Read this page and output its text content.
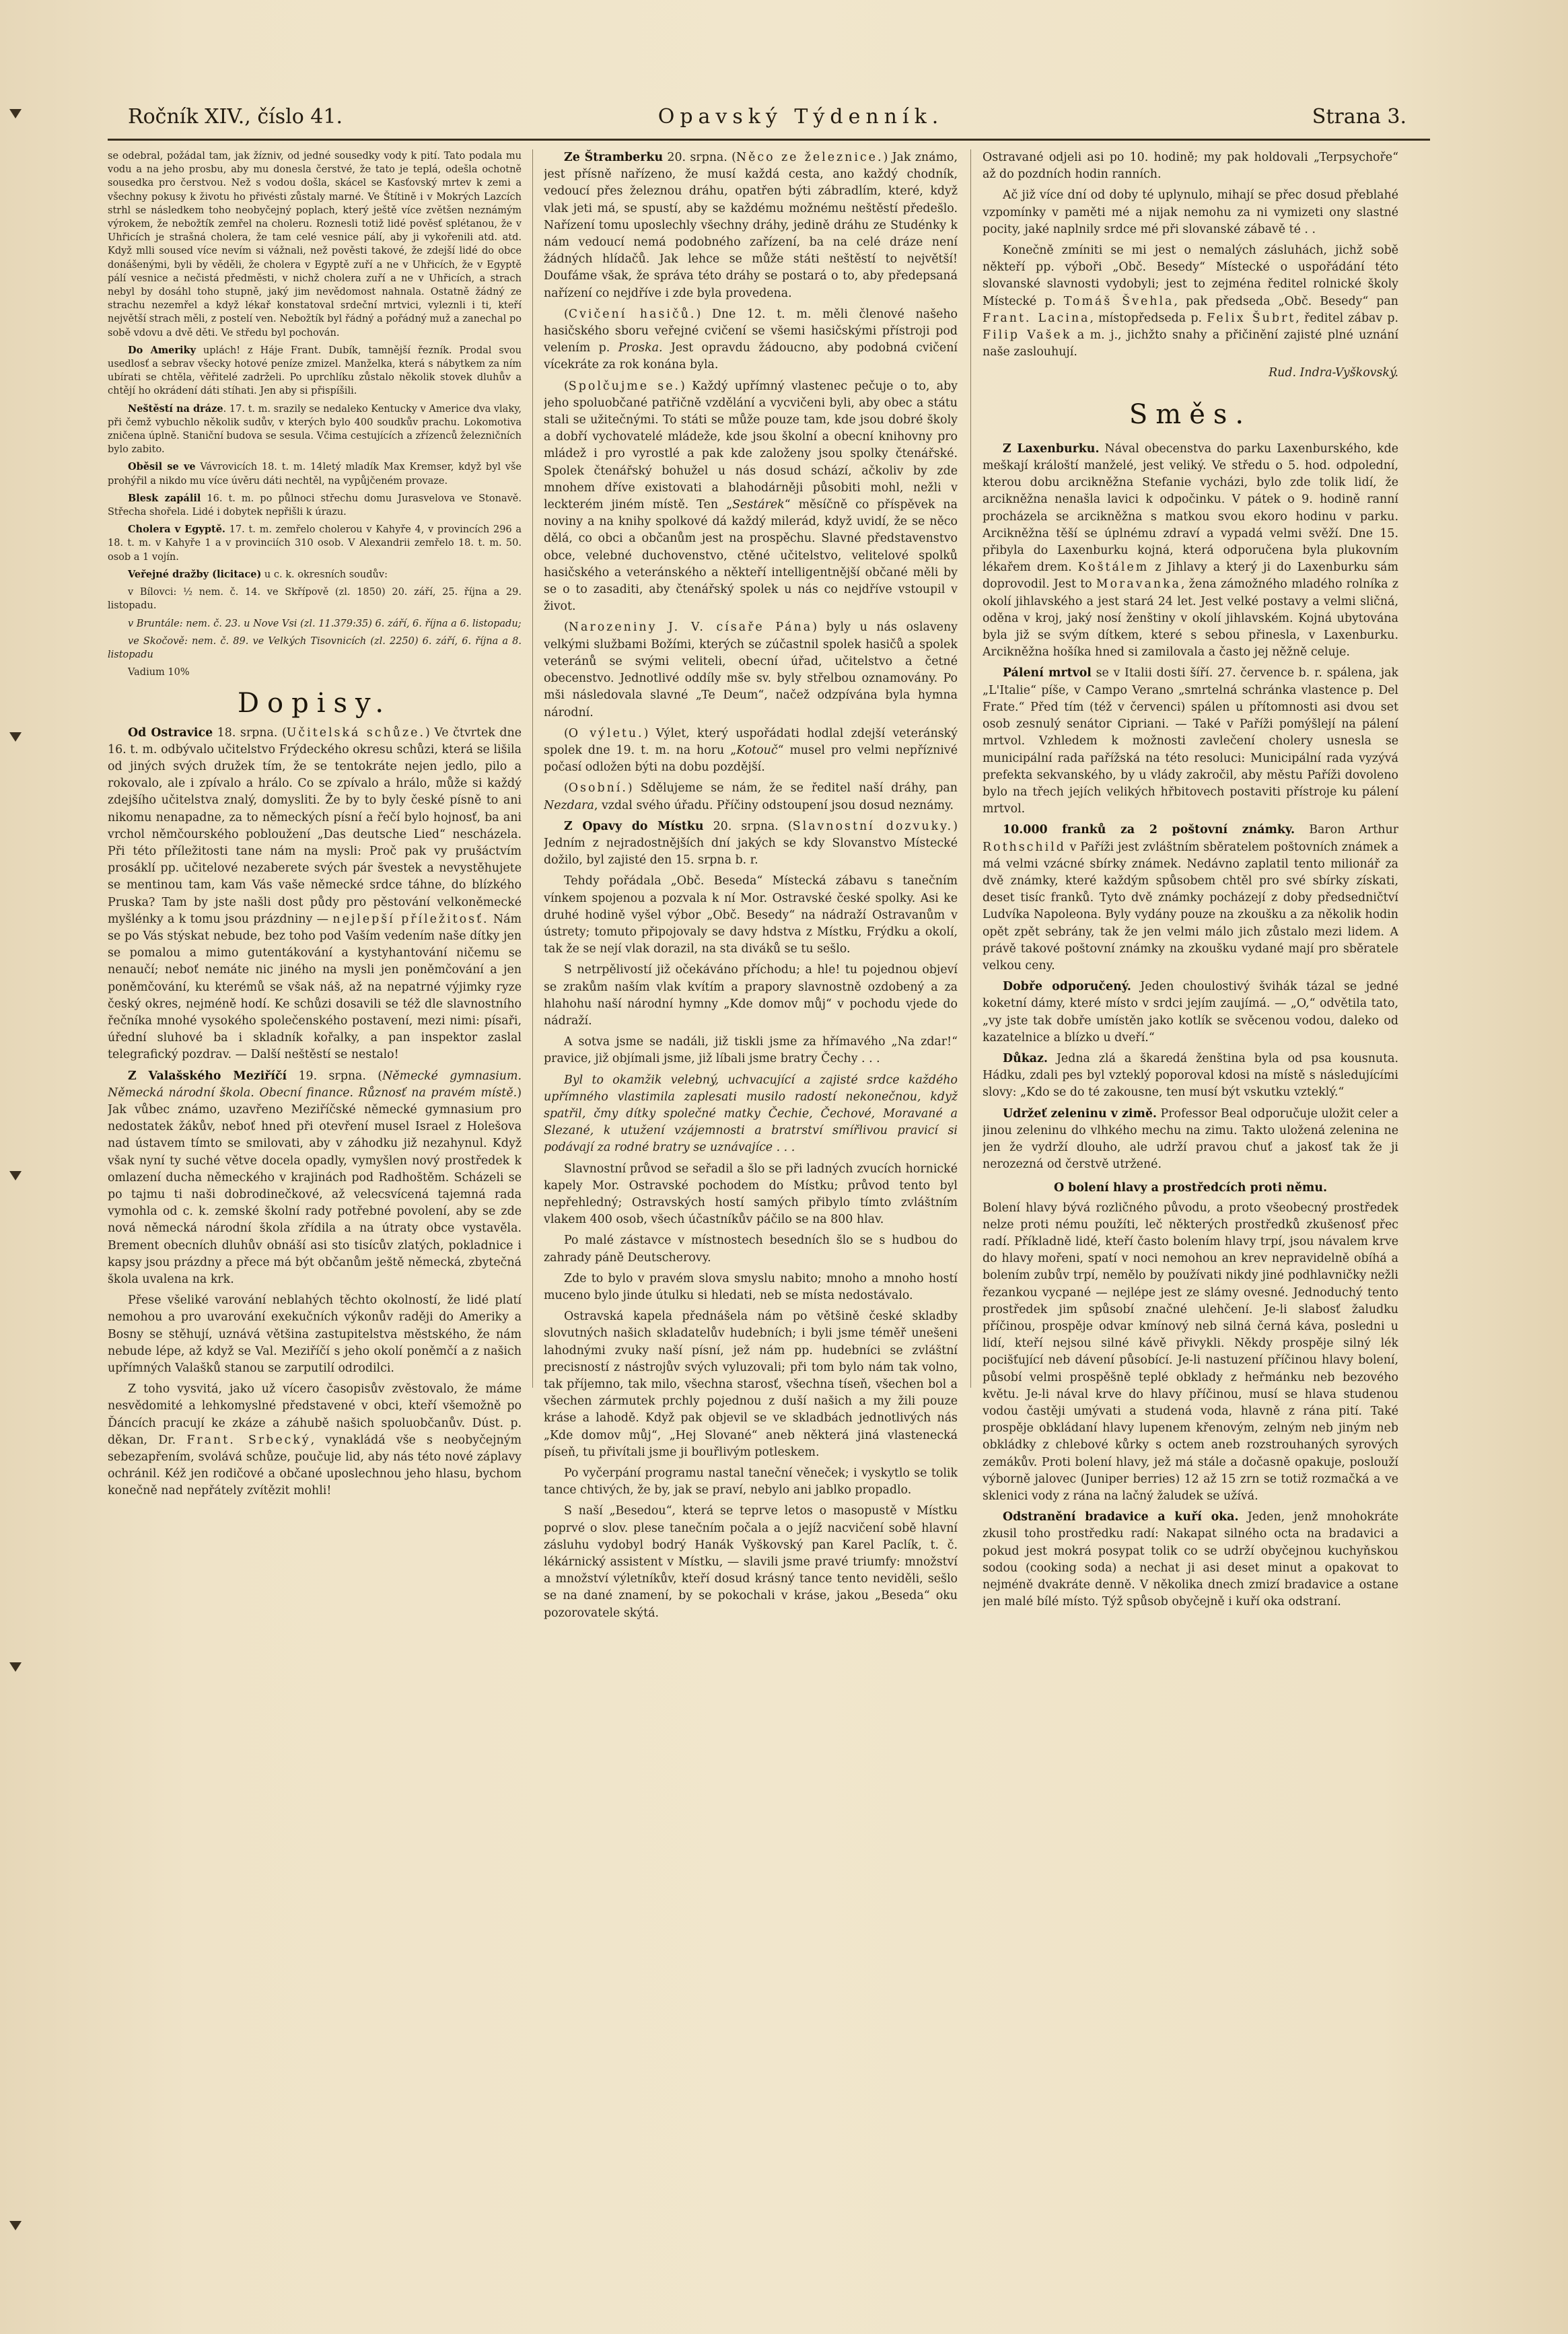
Ročník XIV., číslo 41.	Opavský Týdenník.	Strana 3.

se odebral, požádal tam, jak žízniv, od jedné sousedky vody k pití. Tato podala mu vodu a na jeho prosbu, aby mu donesla čerstvé, že tato je teplá, odešla ochotně sousedka pro čerstvou. Než s vodou došla, skácel se Kasťovský mrtev k zemi a všechny pokusy k životu ho přivésti zůstaly marné. Ve Štítině i v Mokrých Lazcích strhl se následkem toho neobyčejný poplach, který ještě více zvětšen neznámým výrokem, že nebožtík zemřel na choleru. Roznesli totiž lidé pověsť splétanou, že v Uhřicích je strašná cholera, že tam celé vesnice pálí, aby ji vykořenili atd. atd. Když mlli soused více nevím si vážnali, než pověsti takové, že zdejší lidé do obce donášenými, byli by věděli, že cholera v Egyptě zuří a ne v Uhřicích, že v Egyptě pálí vesnice a nečistá předměsti, v nichž cholera zuří a ne v Uhřicích, a strach nebyl by dosáhl toho stupně, jaký jim nevědomost nahnala. Ostatně žádný ze strachu nezemřel a když lékař konstatoval srdeční mrtvici, vyleznli i ti, kteří největší strach měli, z postelí ven. Nebožtík byl řádný a pořádný muž a zanechal po sobě vdovu a dvě děti. Ve středu byl pochován.

Do Ameriky uplách! z Háje Frant. Dubík, tamnější řezník. Prodal svou usedlosť a sebrav všecky hotové peníze zmizel. Manželka, která s nábytkem za ním ubírati se chtěla, věřitelé zadrželi. Po uprchlíku zůstalo několik stovek dluhův a chtějí ho okrádení dáti stíhati. Jen aby si přispíšili.

Neštěstí na dráze. 17. t. m. srazily se nedaleko Kentucky v Americe dva vlaky, při čemž vybuchlo několik sudův, v kterých bylo 400 soudkův prachu. Lokomotiva zničena úplně. Staniční budova se sesula. Včima cestujících a zřízenců železničních bylo zabito.

Oběsil se ve Vávrovicích 18. t. m. 14letý mladík Max Kremser, když byl vše prohýřil a nikdo mu více úvěru dáti nechtěl, na vypůjčeném provaze.

Blesk zapálil 16. t. m. po půlnoci střechu domu Jurasvelova ve Stonavě. Střecha shořela. Lidé i dobytek nepřišli k úrazu.

Cholera v Egyptě. 17. t. m. zemřelo cholerou v Kahyře 4, v provincích 296 a 18. t. m. v Kahyře 1 a v provinciích 310 osob. V Alexandrii zemřelo 18. t. m. 50. osob a 1 vojín.

Veřejné dražby (licitace) u c. k. okresních soudův:

v Bílovci: ½ nem. č. 14. ve Skřípově (zl. 1850) 20. září, 25. října a 29. listopadu.

v Bruntále: nem. č. 23. u Nove Vsi (zl. 11.379:35) 6. září, 6. října a 6. listopadu;

ve Skočově: nem. č. 89. ve Velkých Tisovnicích (zl. 2250) 6. září, 6. října a 8. listopadu

Vadium 10%

Dopisy.

Od Ostravice 18. srpna. (Učitelská schůze.) Ve čtvrtek dne 16. t. m. odbývalo učitelstvo Frýdeckého okresu schůzi, která se lišila od jiných svých družek tím, že se tentokráte nejen jedlo, pilo a rokovalo, ale i zpívalo a hrálo. Co se zpívalo a hrálo, může si každý zdejšího učitelstva znalý, domysliti. Že by to byly české písně to ani nikomu nenapadne, za to německých písní a řečí bylo hojnosť, ba ani vrchol němčourského pobloužení „Das deutsche Lied“ nescházela. Při této příležitosti tane nám na mysli: Proč pak vy prušáctvím prosáklí pp. učitelové nezaberete svých pár švestek a nevystěhujete se mentinou tam, kam Vás vaše německé srdce táhne, do blízkého Pruska? Tam by jste našli dost půdy pro pěstování velkoněmecké myšlénky a k tomu jsou prázdniny — nejlepší příležitosť. Nám se po Vás stýskat nebude, bez toho pod Vaším vedením naše dítky jen se pomalou a mimo gutentákování a kystyhantování ničemu se nenaučí; neboť nemáte nic jiného na mysli jen poněmčování a jen poněmčování, ku kterémů se však náš, až na nepatrné výjimky ryze český okres, nejméně hodí. Ke schůzi dosavili se též dle slavnostního řečníka mnohé vysokého společenského postavení, mezi nimi: písaři, úřední sluhové ba i skladník kořalky, a pan inspektor zaslal telegrafický pozdrav. — Další neštěstí se nestalo!

Z Valašského Meziříčí 19. srpna. (Německé gymnasium. Německá národní škola. Obecní finance. Různosť na pravém místě.) Jak vůbec známo, uzavřeno Meziříčské německé gymnasium pro nedostatek žákův, neboť hned při otevření musel Israel z Holešova nad ústavem tímto se smilovati, aby v záhodku již nezahynul. Když však nyní ty suché větve docela opadly, vymyšlen nový prostředek k omlazení ducha německého v krajinách pod Radhoštěm. Scházeli se po tajmu ti naši dobrodinečkové, až velecsvícená tajemná rada vymohla od c. k. zemské školní rady potřebné povolení, aby se zde nová německá národní škola zřídila a na útraty obce vystavěla. Brement obecních dluhův obnáší asi sto tisícův zlatých, pokladnice i kapsy jsou prázdny a přece má být občanům ještě německá, zbytečná škola uvalena na krk.

Přese všeliké varování neblahých těchto okolností, že lidé platí nemohou a pro uvarování exekučních výkonův raději do Ameriky a Bosny se stěhují, uznává většina zastupitelstva městského, že nám nebude lépe, až když se Val. Meziříčí s jeho okolí poněmčí a z našich upřímných Valašků stanou se zarputilí odrodilci.

Z toho vysvitá, jako už vícero časopisův zvěstovalo, že máme nesvědomité a lehkomyslné představené v obci, kteří všemožně po Ďáncích pracují ke zkáze a záhubě našich spoluobčanův. Dúst. p. děkan, Dr. Frant. Srbecký, vynakládá vše s neobyčejným sebezapřením, svolává schůze, poučuje lid, aby nás této nové záplavy ochránil. Kéž jen rodičové a občané uposlechnou jeho hlasu, bychom konečně nad nepřátely zvítězit mohli!

Ze Štramberku 20. srpna. (Něco ze železnice.) Jak známo, jest přísně nařízeno, že musí každá cesta, ano každý chodník, vedoucí přes železnou dráhu, opatřen býti zábradlím, které, když vlak jeti má, se spustí, aby se každému možnému neštěstí předešlo. Nařízení tomu uposlechly všechny dráhy, jedině dráhu ze Studénky k nám vedoucí nemá podobného zařízení, ba na celé dráze není žádných hlídačů. Jak lehce se může státi neštěstí to největší! Doufáme však, že správa této dráhy se postará o to, aby předepsaná nařízení co nejdříve i zde byla provedena.

(Cvičení hasičů.) Dne 12. t. m. měli členové našeho hasičského sboru veřejné cvičení se všemi hasičskými přístroji pod velením p. Proska. Jest opravdu žádoucno, aby podobná cvičení vícekráte za rok konána byla.

(Spolčujme se.) Každý upřímný vlastenec pečuje o to, aby jeho spoluobčané patřičně vzdělání a vycvičeni byli, aby obec a státu stali se užitečnými. To státi se může pouze tam, kde jsou dobré školy a dobří vychovatelé mládeže, kde jsou školní a obecní knihovny pro mládež i pro vyrostlé a pak kde založeny jsou spolky čtenářské. Spolek čtenářský bohužel u nás dosud schází, ačkoliv by zde mnohem dříve existovati a blahodárněji působiti mohl, nežli v leckterém jiném místě. Ten „Sestárek“ měsíčně co příspěvek na noviny a na knihy spolkové dá každý milerád, když uvidí, že se něco dělá, co obci a občanům jest na prospěchu. Slavné představenstvo obce, velebné duchovenstvo, ctěné učitelstvo, velitelové spolků hasičského a veteránského a někteří intelligentnější občané měli by se o to zasaditi, aby čtenářský spolek u nás co nejdříve vstoupil v život.

(Narozeniny J. V. císaře Pána) byly u nás oslaveny velkými službami Božími, kterých se zúčastnil spolek hasičů a spolek veteránů se svými veliteli, obecní úřad, učitelstvo a četné obecenstvo. Jednotlivé oddíly mše sv. byly střelbou oznamovány. Po mši následovala slavné „Te Deum“, načež odzpívána byla hymna národní.

(O výletu.) Výlet, který uspořádati hodlal zdejší veteránský spolek dne 19. t. m. na horu „Kotouč“ musel pro velmi nepříznivé počasí odložen býti na dobu pozdější.

(Osobní.) Sdělujeme se nám, že se ředitel naší dráhy, pan Nezdara, vzdal svého úřadu. Příčiny odstoupení jsou dosud neznámy.

Z Opavy do Místku 20. srpna. (Slavnostní dozvuky.) Jedním z nejradostnějších dní jakých se kdy Slovanstvo Místecké dožilo, byl zajisté den 15. srpna b. r.

Tehdy pořádala „Obč. Beseda“ Místecká zábavu s tanečním vínkem spojenou a pozvala k ní Mor. Ostravské české spolky. Asi ke druhé hodině vyšel výbor „Obč. Besedy“ na nádraží Ostravanům v ústrety; tomuto připojovaly se davy hdstva z Místku, Frýdku a okolí, tak že se nejí vlak dorazil, na sta diváků se tu sešlo.

S netrpělivostí již očekáváno příchodu; a hle! tu pojednou objeví se zrakům naším vlak kvítím a prapory slavnostně ozdobený a za hlahohu naší národní hymny „Kde domov můj“ v pochodu vjede do nádraží.

A sotva jsme se nadáli, již tiskli jsme za hřímavého „Na zdar!“ pravice, již objímali jsme, již líbali jsme bratry Čechy . . .

Byl to okamžik velebný, uchvacující a zajisté srdce každého upřímného vlastimila zaplesati musilo radostí nekonečnou, když spatřil, čmy dítky společné matky Čechie, Čechové, Moravané a Slezané, k utužení vzájemnosti a bratrství smířlivou pravicí si podávají za rodné bratry se uznávajíce . . .

Slavnostní průvod se seřadil a šlo se při ladných zvucích hornické kapely Mor. Ostravské pochodem do Místku; průvod tento byl nepřehledný; Ostravských hostí samých přibylo tímto zvláštním vlakem 400 osob, všech účastníkův páčilo se na 800 hlav.

Po malé zástavce v místnostech besedních šlo se s hudbou do zahrady páně Deutscherovy.

Zde to bylo v pravém slova smyslu nabito; mnoho a mnoho hostí muceno bylo jinde útulku si hledati, neb se místa nedostávalo.

Ostravská kapela přednášela nám po většině české skladby slovutných našich skladatelův hudebních; i byli jsme téměř unešeni lahodnými zvuky naší písní, jež nám pp. hudebníci se zvláštní precisností z nástrojův svých vyluzovali; při tom bylo nám tak volno, tak příjemno, tak milo, všechna starosť, všechna tíseň, všechen bol a všechen zármutek prchly pojednou z duší našich a my žili pouze kráse a lahodě. Když pak objevil se ve skladbách jednotlivých nás „Kde domov můj“, „Hej Slované“ aneb některá jiná vlastenecká píseň, tu přivítali jsme ji bouřlivým potleskem.

Po vyčerpání programu nastal taneční věneček; i vyskytlo se tolik tance chtivých, že by, jak se praví, nebylo ani jablko propadlo.

S naší „Besedou“, která se teprve letos o masopustě v Místku poprvé o slov. plese tanečním počala a o jejíž nacvičení sobě hlavní zásluhu vydobyl bodrý Hanák Vyškovský pan Karel Paclík, t. č. lékárnický assistent v Místku, — slavili jsme pravé triumfy: množství a množství výletníkův, kteří dosud krásný tance tento neviděli, sešlo se na dané znamení, by se pokochali v kráse, jakou „Beseda“ oku pozorovatele skýtá.

Ostravané odjeli asi po 10. hodině; my pak holdovali „Terpsychoře“ až do pozdních hodin ranních.

Ač již více dní od doby té uplynulo, mihají se přec dosud přeblahé vzpomínky v paměti mé a nijak nemohu za ni vymizeti ony slastné pocity, jaké naplnily srdce mé při slovanské zábavě té . .

Konečně zmíniti se mi jest o nemalých zásluhách, jichž sobě někteří pp. výboři „Obč. Besedy“ Místecké o uspořádání této slovanské slavnosti vydobyli; jest to zejména ředitel rolnické školy Místecké p. Tomáš Švehla, pak předseda „Obč. Besedy“ pan Frant. Lacina, místopředseda p. Felix Šubrt, ředitel zábav p. Filip Vašek a m. j., jichžto snahy a přičinění zajisté plné uznání naše zaslouhují.

Rud. Indra-Vyškovský.

Směs.

Z Laxenburku. Nával obecenstva do parku Laxenburského, kde meškají králoští manželé, jest veliký. Ve středu o 5. hod. odpolední, kterou dobu arcikněžna Stefanie vycházi, bylo zde tolik lidí, že arcikněžna nenašla lavici k odpočinku. V pátek o 9. hodině ranní procházela se arcikněžna s matkou svou ekoro hodinu v parku. Arcikněžna těší se úplnému zdraví a vypadá velmi svěží. Dne 15. přibyla do Laxenburku kojná, která odporučena byla plukovním lékařem drem. Koštálem z Jihlavy a který ji do Laxenburku sám doprovodil. Jest to Moravanka, žena zámožného mladého rolníka z okolí jihlavského a jest stará 24 let. Jest velké postavy a velmi sličná, oděna v kroj, jaký nosí ženštiny v okolí jihlavském. Kojná ubytována byla již se svým dítkem, které s sebou přinesla, v Laxenburku. Arcikněžna hošíka hned si zamilovala a často jej něžně celuje.

Pálení mrtvol se v Italii dosti šíří. 27. července b. r. spálena, jak „L'Italie“ píše, v Campo Verano „smrtelná schránka vlastence p. Del Frate.“ Před tím (též v červenci) spálen u přítomnosti asi dvou set osob zesnulý senátor Cipriani. — Také v Paříži pomýšlejí na pálení mrtvol. Vzhledem k možnosti zavlečení cholery usnesla se municipální rada pařížská na této resoluci: Municipální rada vyzývá prefekta sekvanského, by u vlády zakročil, aby městu Paříži dovoleno bylo na třech jejích velikých hřbitovech postaviti přístroje ku pálení mrtvol.

10.000 franků za 2 poštovní známky. Baron Arthur Rothschild v Paříži jest zvláštním sběratelem poštovních známek a má velmi vzácné sbírky známek. Nedávno zaplatil tento milionář za dvě známky, které každým spůsobem chtěl pro své sbírky získati, deset tisíc franků. Tyto dvě známky pocházejí z doby předsedničtví Ludvíka Napoleona. Byly vydány pouze na zkoušku a za několik hodin opět zpět sebrány, tak že jen velmi málo jich zůstalo mezi lidem. A právě takové poštovní známky na zkoušku vydané mají pro sběratele velkou ceny.

Dobře odporučený. Jeden choulostivý švihák tázal se jedné koketní dámy, které místo v srdci jejím zaujímá. — „O,“ odvětila tato, „vy jste tak dobře umístěn jako kotlík se svěcenou vodou, daleko od kazatelnice a blízko u dveří.“

Důkaz. Jedna zlá a škaredá ženština byla od psa kousnuta. Hádku, zdali pes byl vzteklý poporoval kdosi na místě s následujícími slovy: „Kdo se do té zakousne, ten musí být vskutku vzteklý.“

Udržeť zeleninu v zimě. Professor Beal odporučuje uložit celer a jinou zeleninu do vlhkého mechu na zimu. Takto uložená zelenina ne jen že vydrží dlouho, ale udrží pravou chuť a jakosť tak že ji nerozezná od čerstvě utržené.

O bolení hlavy a prostředcích proti němu.

Bolení hlavy bývá rozličného původu, a proto všeobecný prostředek nelze proti nému použíti, leč některých prostředků zkušenosť přec radí. Příkladně lidé, kteří často bolením hlavy trpí, jsou návalem krve do hlavy mořeni, spatí v noci nemohou an krev nepravidelně obíhá a bolením zubův trpí, nemělo by používati nikdy jiné podhlavničky nežli řezankou vycpané — nejlépe jest ze slámy ovesné. Jednoduchý tento prostředek jim spůsobí značné ulehčení. Je-li slabosť žaludku příčinou, prospěje odvar kmínový neb silná černá káva, posledni u lidí, kteří nejsou silné kávě přivykli. Někdy prospěje silný lék pocišťující neb dávení působící. Je-li nastuzení příčinou hlavy bolení, působí velmi prospěšně teplé obklady z heřmánku neb bezového květu. Je-li nával krve do hlavy příčinou, musí se hlava studenou vodou častěji umývati a studená voda, hlavně z rána pití. Také prospěje obkládaní hlavy lupenem křenovým, zelným neb jiným neb obkládky z chlebové kůrky s octem aneb rozstrouhaných syrových zemákův. Proti bolení hlavy, jež má stále a dočasně opakuje, poslouží výborně jalovec (Juniper berries) 12 až 15 zrn se totiž rozmačká a ve sklenici vody z rána na lačný žaludek se užívá.

Odstranění bradavice a kuří oka. Jeden, jenž mnohokráte zkusil toho prostředku radí: Nakapat silného octa na bradavici a pokud jest mokrá posypat tolik co se udrží obyčejnou kuchyňskou sodou (cooking soda) a nechat ji asi deset minut a opakovat to nejméně dvakráte denně. V několika dnech zmizí bradavice a ostane jen malé bílé místo. Týž spůsob obyčejně i kuří oka odstraní.
